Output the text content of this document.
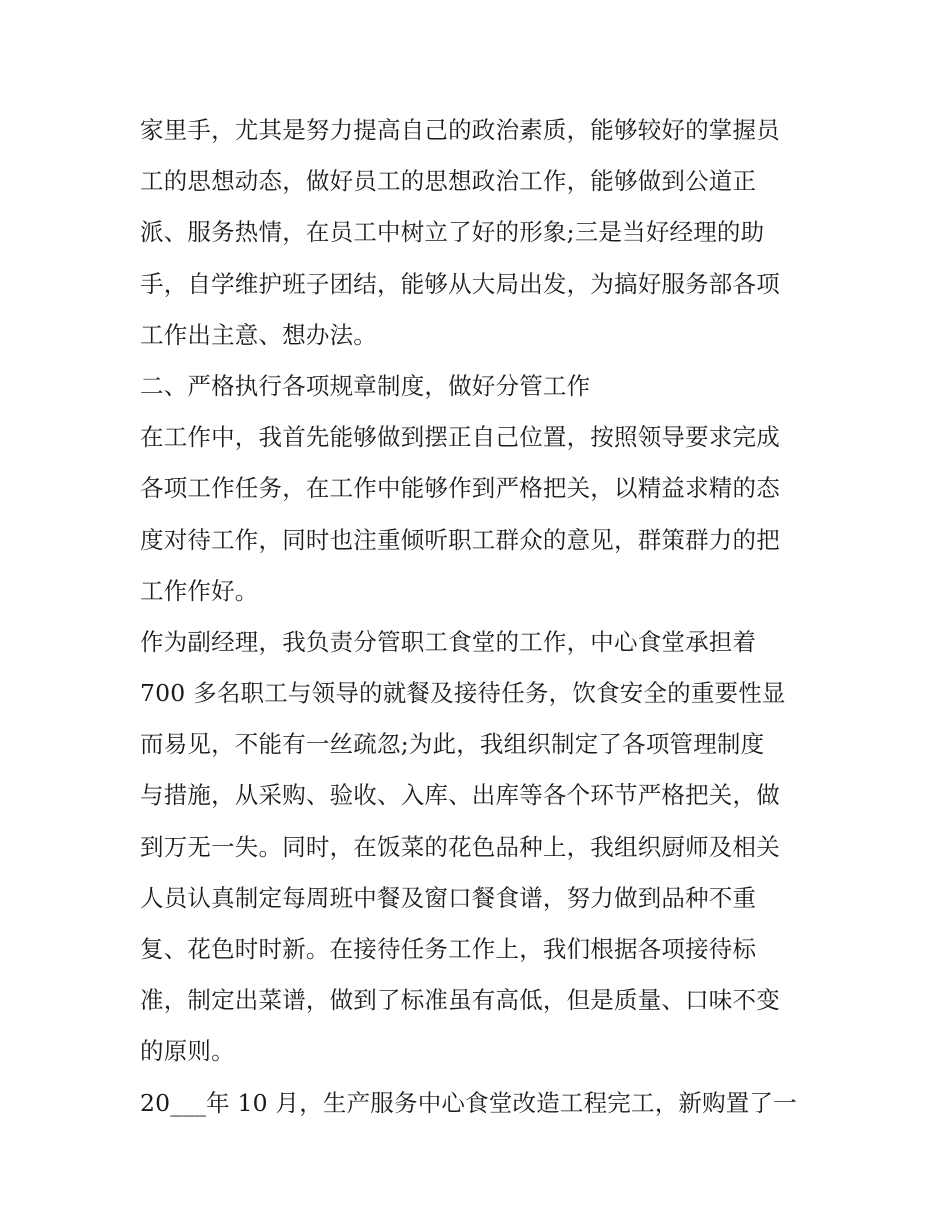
家里手，尤其是努力提高自己的政治素质，能够较好的掌握员
工的思想动态，做好员工的思想政治工作，能够做到公道正
派、服务热情，在员工中树立了好的形象;三是当好经理的助
手，自学维护班子团结，能够从大局出发，为搞好服务部各项
工作出主意、想办法。
二、严格执行各项规章制度，做好分管工作
在工作中，我首先能够做到摆正自己位置，按照领导要求完成
各项工作任务，在工作中能够作到严格把关，以精益求精的态
度对待工作，同时也注重倾听职工群众的意见，群策群力的把
工作作好。
作为副经理，我负责分管职工食堂的工作，中心食堂承担着
700 多名职工与领导的就餐及接待任务，饮食安全的重要性显
而易见，不能有一丝疏忽;为此，我组织制定了各项管理制度
与措施，从采购、验收、入库、出库等各个环节严格把关，做
到万无一失。同时，在饭菜的花色品种上，我组织厨师及相关
人员认真制定每周班中餐及窗口餐食谱，努力做到品种不重
复、花色时时新。在接待任务工作上，我们根据各项接待标
准，制定出菜谱，做到了标准虽有高低，但是质量、口味不变
的原则。
20___年 10 月，生产服务中心食堂改造工程完工，新购置了一
